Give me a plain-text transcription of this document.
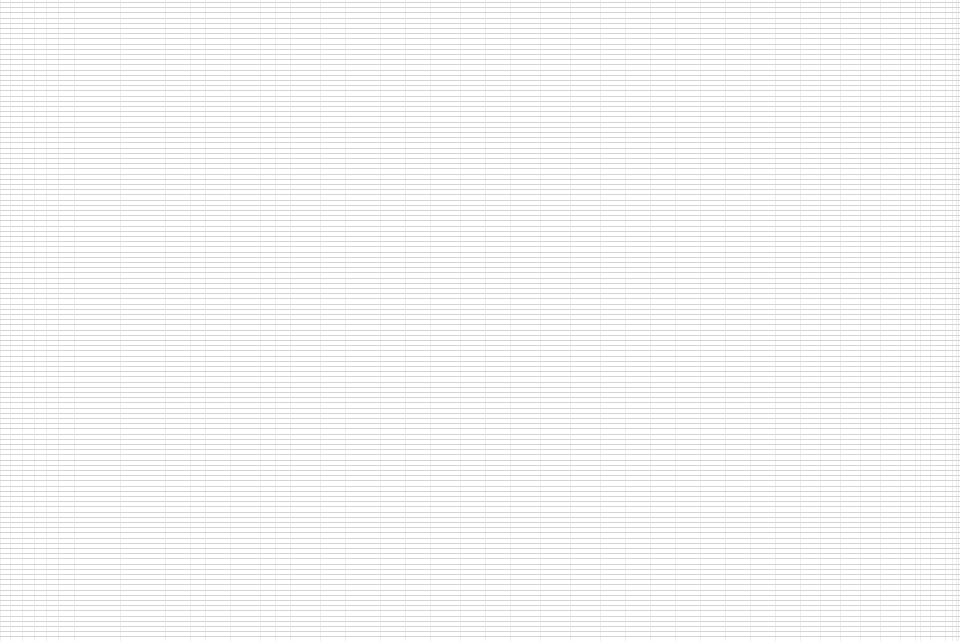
Mus	15.09.2021	10.3300	Mustermann	Geschäftsstelle	Sonstiger Vorfall	Musterweg 12, 10115 Berlin	Berlin	0301234567	Nein	Rück	Ja	A 1 - 4 - 20 - 1 - 22	ARBEITSUMFANG	5/21	1	INFOTEXT A	Ja	Nein	27.7.2021
Mus	15.09.2021	10.3300	Mustermann	Geschäftsstelle	Gewerbeaufsicht	Beispielstraße 7, 20095 Hamburg	Hamburg	0401234567	Nein	Ja	A 1 - 2 - 10 - 1 - 5	ARBEITSUMFANG	5/21	1	INFOTEXT B	Ja	Nein	27.7.2021
